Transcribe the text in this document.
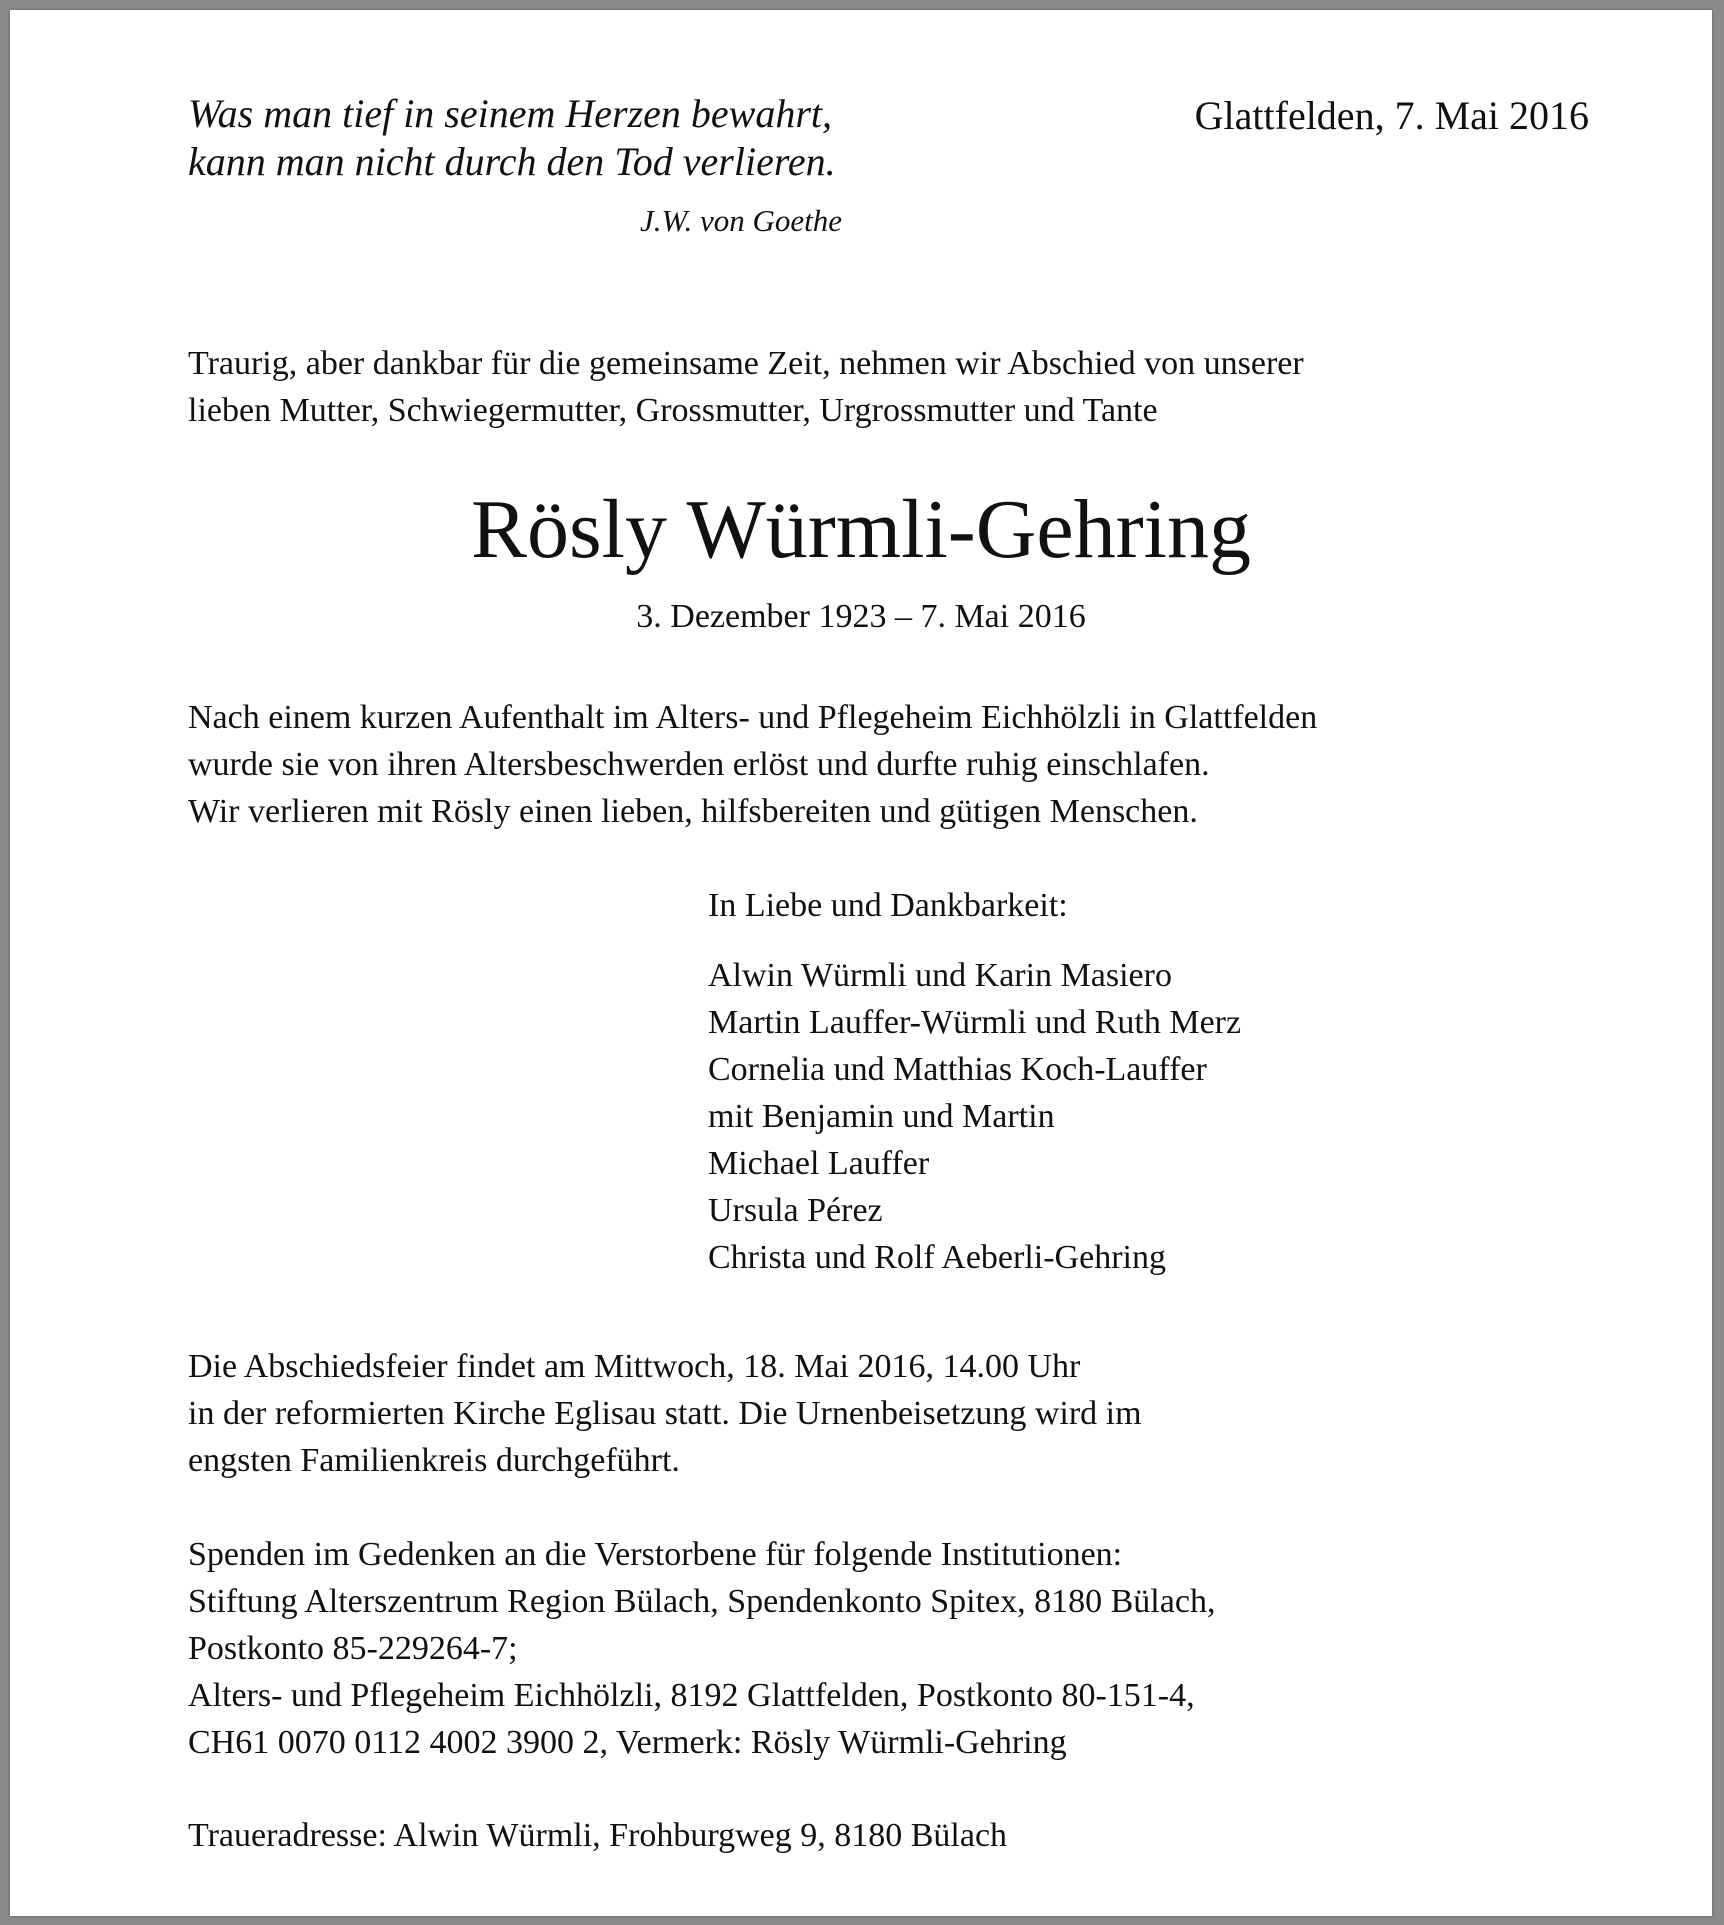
Was man tief in seinem Herzen bewahrt,
kann man nicht durch den Tod verlieren.
J.W. von Goethe
Glattfelden, 7. Mai 2016
Traurig, aber dankbar für die gemeinsame Zeit, nehmen wir Abschied von unserer
lieben Mutter, Schwiegermutter, Grossmutter, Urgrossmutter und Tante
Rösly Würmli-Gehring
3. Dezember 1923 – 7. Mai 2016
Nach einem kurzen Aufenthalt im Alters- und Pflegeheim Eichhölzli in Glattfelden
wurde sie von ihren Altersbeschwerden erlöst und durfte ruhig einschlafen.
Wir verlieren mit Rösly einen lieben, hilfsbereiten und gütigen Menschen.
In Liebe und Dankbarkeit:
Alwin Würmli und Karin Masiero
Martin Lauffer-Würmli und Ruth Merz
Cornelia und Matthias Koch-Lauffer
mit Benjamin und Martin
Michael Lauffer
Ursula Pérez
Christa und Rolf Aeberli-Gehring
Die Abschiedsfeier findet am Mittwoch, 18. Mai 2016, 14.00 Uhr
in der reformierten Kirche Eglisau statt. Die Urnenbeisetzung wird im
engsten Familienkreis durchgeführt.
Spenden im Gedenken an die Verstorbene für folgende Institutionen:
Stiftung Alterszentrum Region Bülach, Spendenkonto Spitex, 8180 Bülach,
Postkonto 85-229264-7;
Alters- und Pflegeheim Eichhölzli, 8192 Glattfelden, Postkonto 80-151-4,
CH61 0070 0112 4002 3900 2, Vermerk: Rösly Würmli-Gehring
Traueradresse: Alwin Würmli, Frohburgweg 9, 8180 Bülach
